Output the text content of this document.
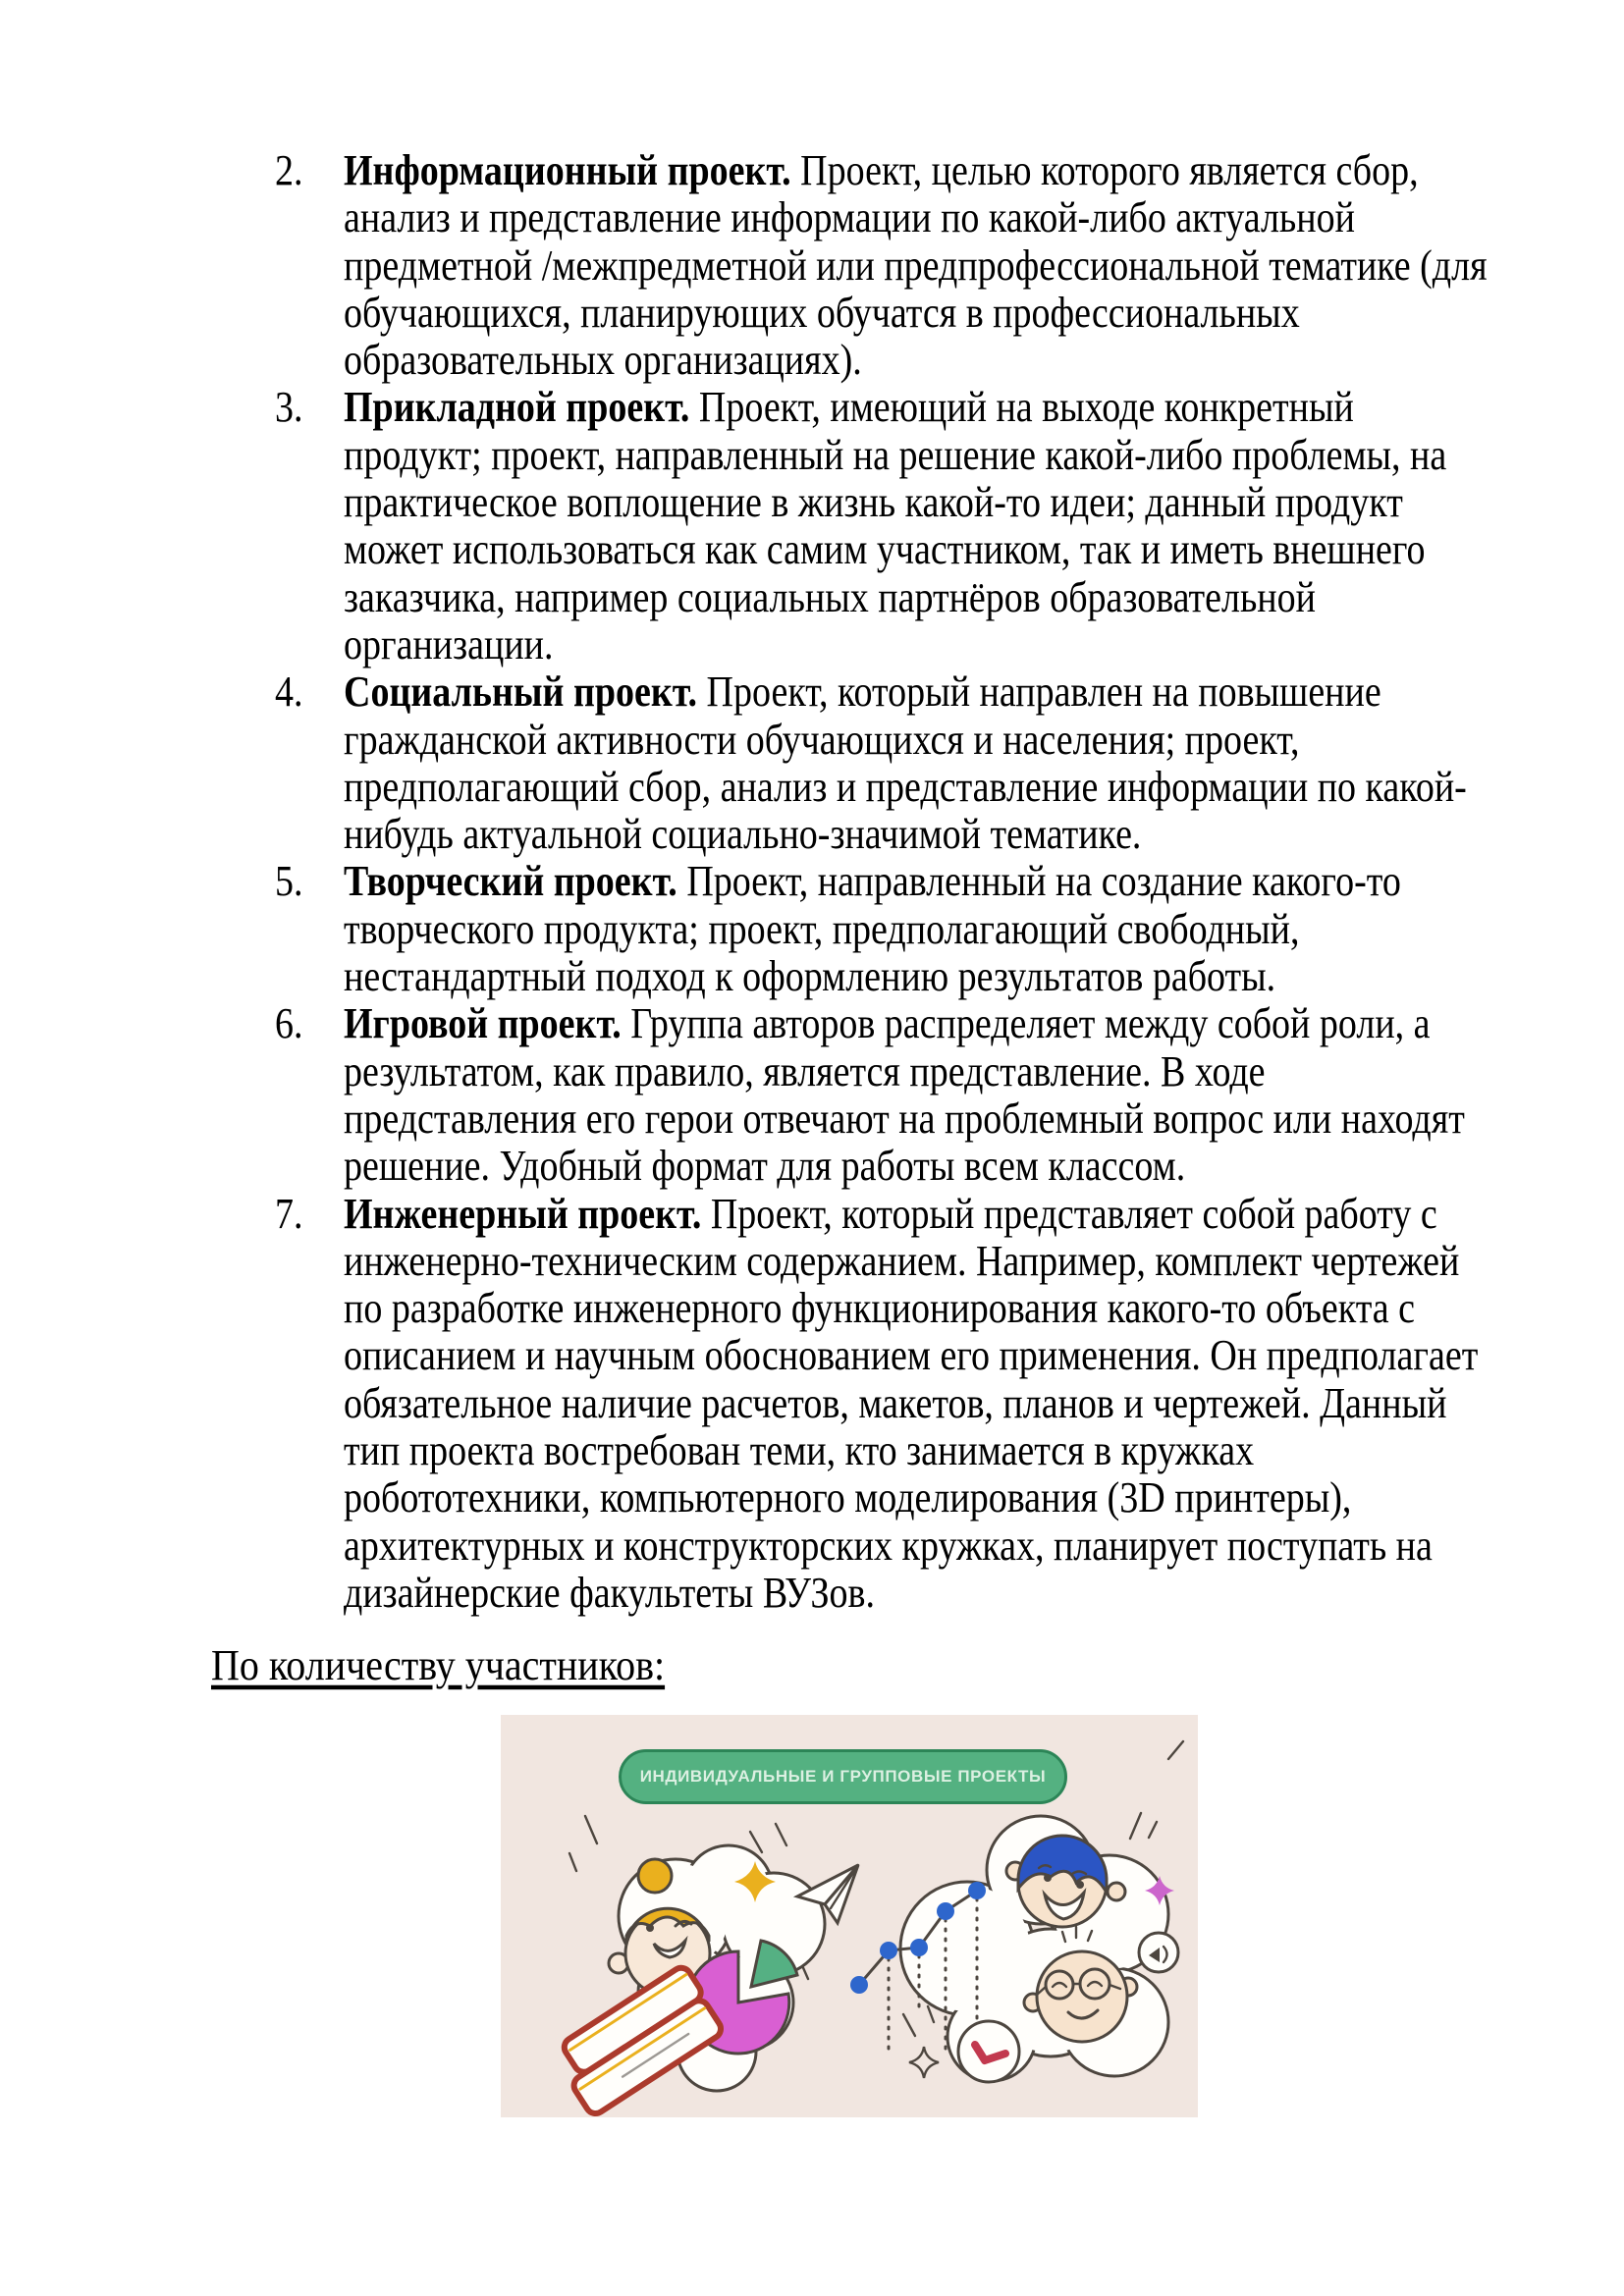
2. Информационный проект. Проект, целью которого является сбор,
анализ и представление информации по какой-либо актуальной
предметной /межпредметной или предпрофессиональной тематике (для
обучающихся, планирующих обучатся в профессиональных
образовательных организациях).
3. Прикладной проект. Проект, имеющий на выходе конкретный
продукт; проект, направленный на решение какой-либо проблемы, на
практическое воплощение в жизнь какой-то идеи; данный продукт
может использоваться как самим участником, так и иметь внешнего
заказчика, например социальных партнёров образовательной
организации.
4. Социальный проект. Проект, который направлен на повышение
гражданской активности обучающихся и населения; проект,
предполагающий сбор, анализ и представление информации по какой-
нибудь актуальной социально-значимой тематике.
5. Творческий проект. Проект, направленный на создание какого-то
творческого продукта; проект, предполагающий свободный,
нестандартный подход к оформлению результатов работы.
6. Игровой проект. Группа авторов распределяет между собой роли, а
результатом, как правило, является представление. В ходе
представления его герои отвечают на проблемный вопрос или находят
решение. Удобный формат для работы всем классом.
7. Инженерный проект. Проект, который представляет собой работу с
инженерно-техническим содержанием. Например, комплект чертежей
по разработке инженерного функционирования какого-то объекта с
описанием и научным обоснованием его применения. Он предполагает
обязательное наличие расчетов, макетов, планов и чертежей. Данный
тип проекта востребован теми, кто занимается в кружках
робототехники, компьютерного моделирования (3D принтеры),
архитектурных и конструкторских кружках, планирует поступать на
дизайнерские факультеты ВУЗов.
По количеству участников:
ИНДИВИДУАЛЬНЫЕ И ГРУППОВЫЕ ПРОЕКТЫ
